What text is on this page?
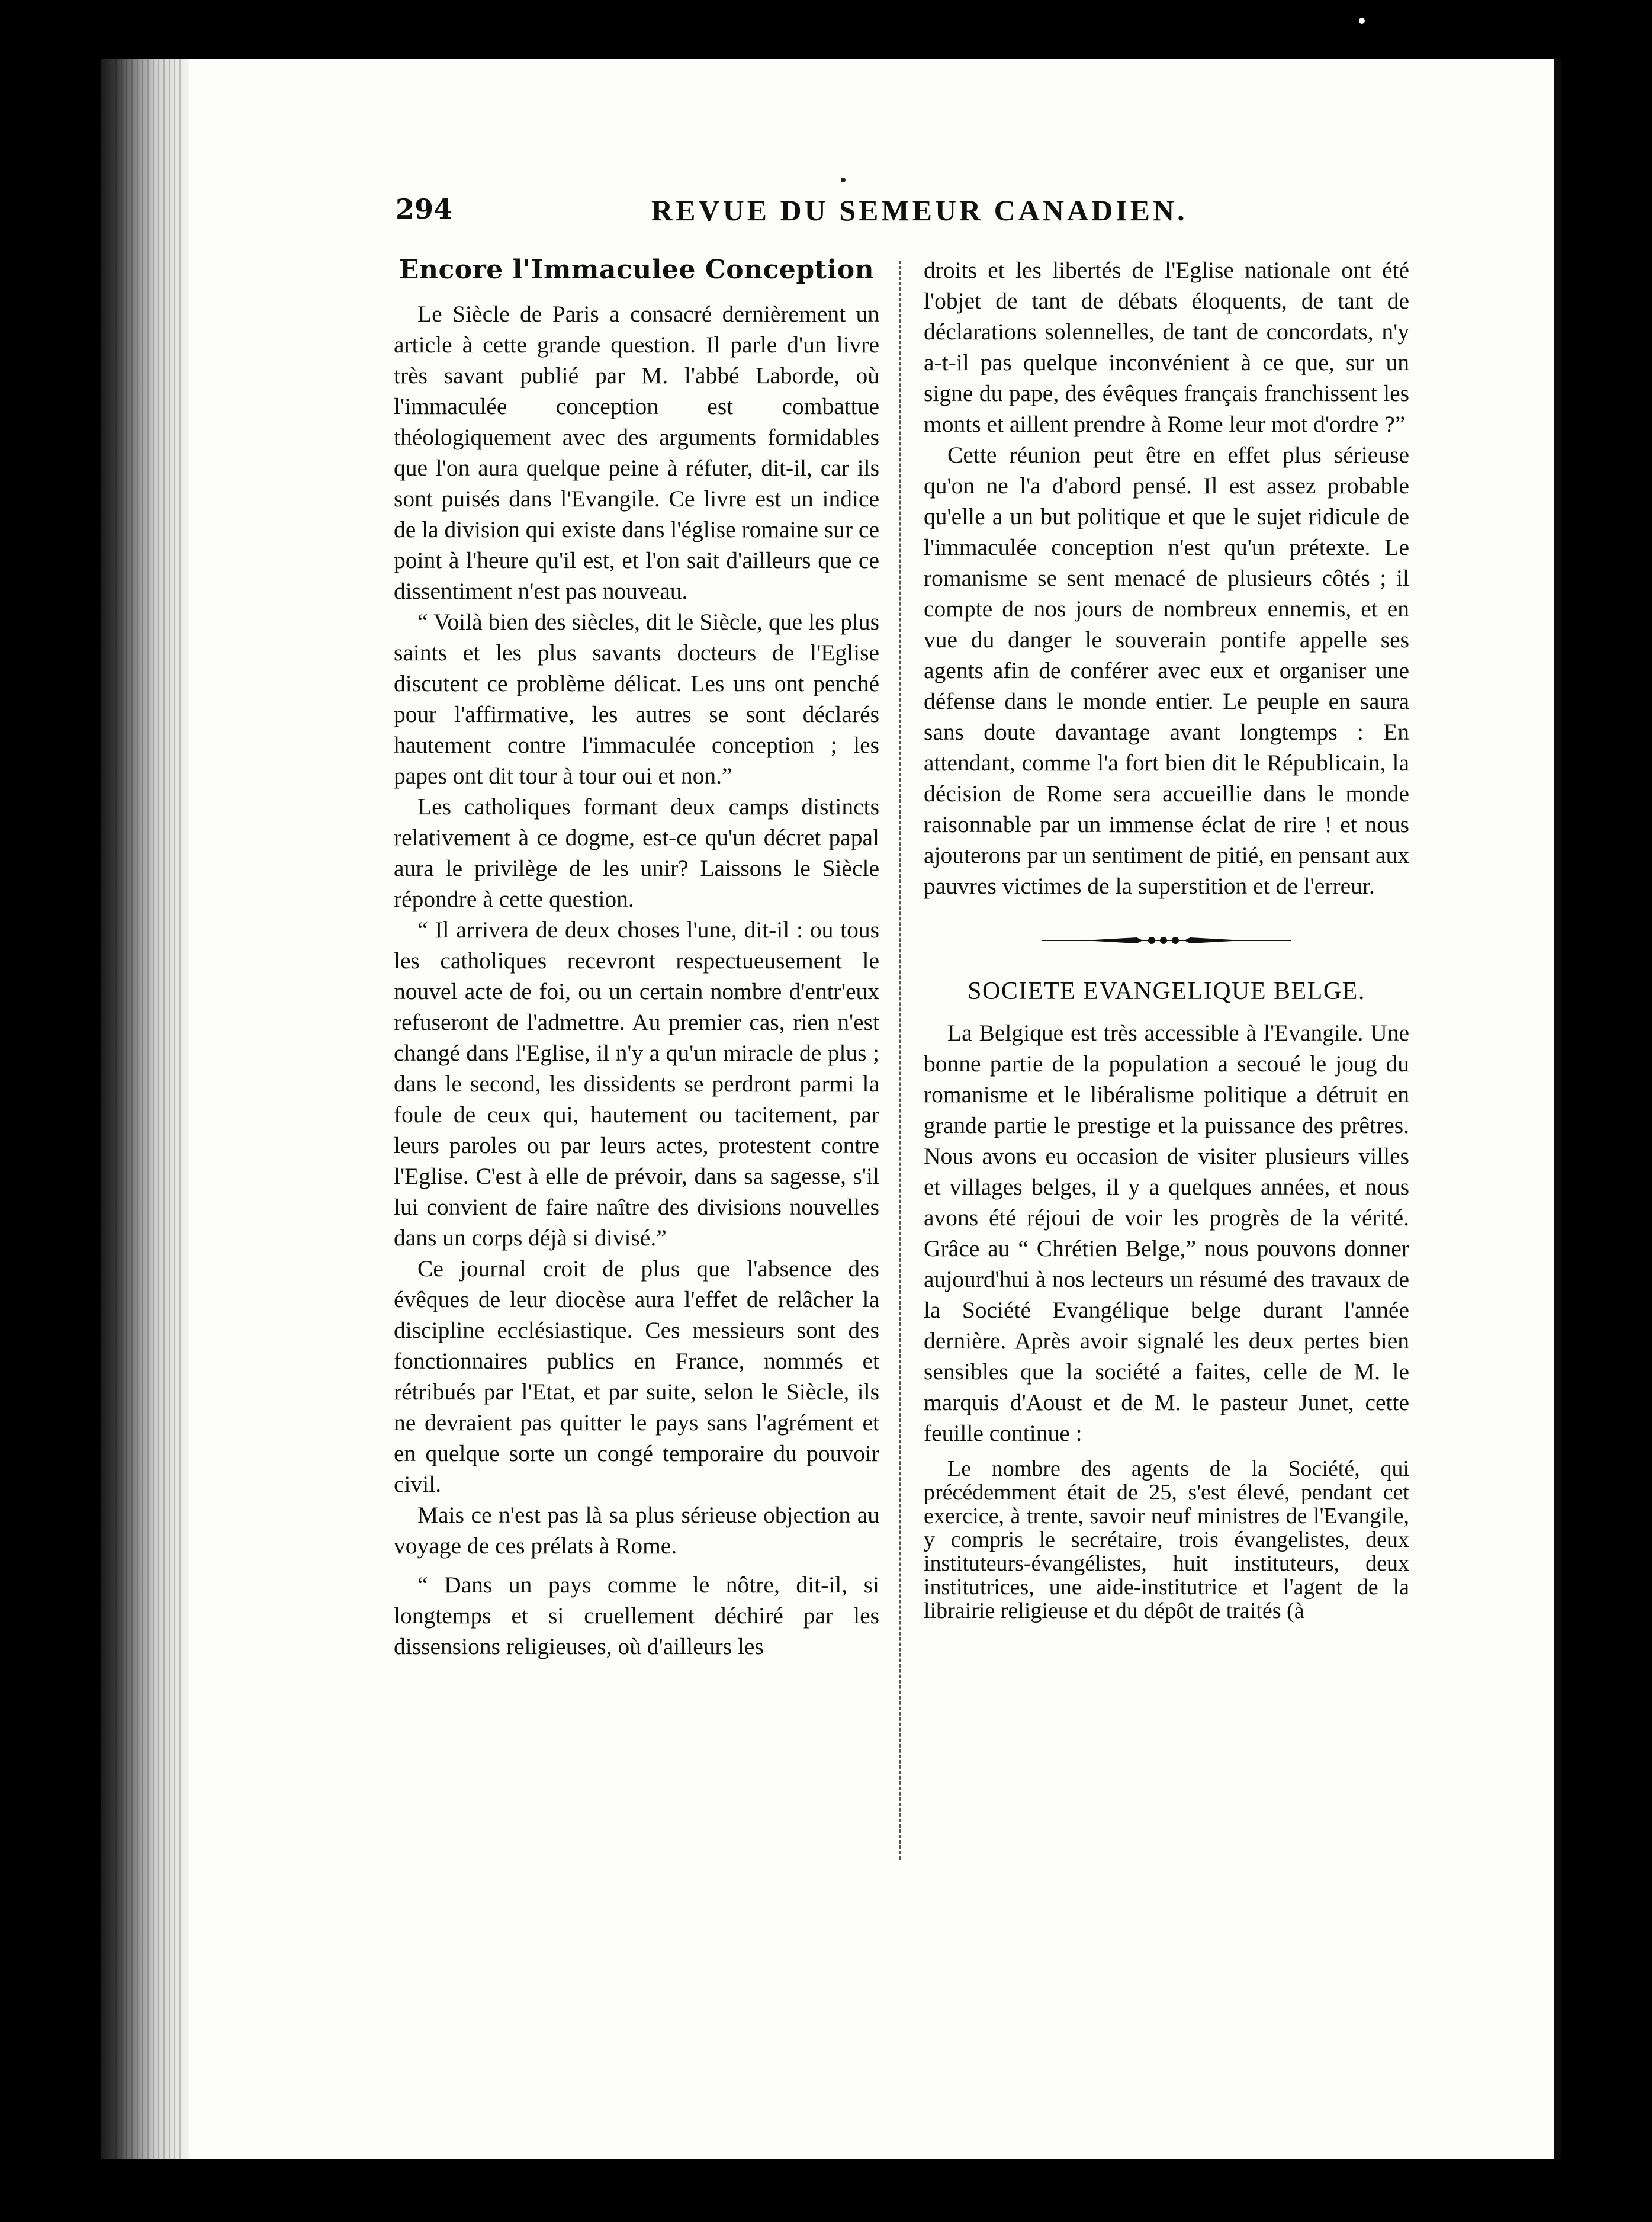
294	REVUE DU SEMEUR CANADIEN.
Encore l'Immaculee Conception

Le Siècle de Paris a consacré dernièrement un article à cette grande question. Il parle d'un livre très savant publié par M. l'abbé Laborde, où l'immaculée conception est combattue théologiquement avec des arguments formidables que l'on aura quelque peine à réfuter, dit-il, car ils sont puisés dans l'Evangile. Ce livre est un indice de la division qui existe dans l'église romaine sur ce point à l'heure qu'il est, et l'on sait d'ailleurs que ce dissentiment n'est pas nouveau.

“ Voilà bien des siècles, dit le Siècle, que les plus saints et les plus savants docteurs de l'Eglise discutent ce problème délicat. Les uns ont penché pour l'affirmative, les autres se sont déclarés hautement contre l'immaculée conception ; les papes ont dit tour à tour oui et non.”

Les catholiques formant deux camps distincts relativement à ce dogme, est-ce qu'un décret papal aura le privilège de les unir? Laissons le Siècle répondre à cette question.

“ Il arrivera de deux choses l'une, dit-il : ou tous les catholiques recevront respectueusement le nouvel acte de foi, ou un certain nombre d'entr'eux refuseront de l'admettre. Au premier cas, rien n'est changé dans l'Eglise, il n'y a qu'un miracle de plus ; dans le second, les dissidents se perdront parmi la foule de ceux qui, hautement ou tacitement, par leurs paroles ou par leurs actes, protestent contre l'Eglise. C'est à elle de prévoir, dans sa sagesse, s'il lui convient de faire naître des divisions nouvelles dans un corps déjà si divisé.”

Ce journal croit de plus que l'absence des évêques de leur diocèse aura l'effet de relâcher la discipline ecclésiastique. Ces messieurs sont des fonctionnaires publics en France, nommés et rétribués par l'Etat, et par suite, selon le Siècle, ils ne devraient pas quitter le pays sans l'agrément et en quelque sorte un congé temporaire du pouvoir civil.

Mais ce n'est pas là sa plus sérieuse objection au voyage de ces prélats à Rome.

“ Dans un pays comme le nôtre, dit-il, si longtemps et si cruellement déchiré par les dissensions religieuses, où d'ailleurs les

droits et les libertés de l'Eglise nationale ont été l'objet de tant de débats éloquents, de tant de déclarations solennelles, de tant de concordats, n'y a-t-il pas quelque inconvénient à ce que, sur un signe du pape, des évêques français franchissent les monts et aillent prendre à Rome leur mot d'ordre ?”

Cette réunion peut être en effet plus sérieuse qu'on ne l'a d'abord pensé. Il est assez probable qu'elle a un but politique et que le sujet ridicule de l'immaculée conception n'est qu'un prétexte. Le romanisme se sent menacé de plusieurs côtés ; il compte de nos jours de nombreux ennemis, et en vue du danger le souverain pontife appelle ses agents afin de conférer avec eux et organiser une défense dans le monde entier. Le peuple en saura sans doute davantage avant longtemps : En attendant, comme l'a fort bien dit le Républicain, la décision de Rome sera accueillie dans le monde raisonnable par un immense éclat de rire ! et nous ajouterons par un sentiment de pitié, en pensant aux pauvres victimes de la superstition et de l'erreur.

SOCIETE EVANGELIQUE BELGE.

La Belgique est très accessible à l'Evangile. Une bonne partie de la population a secoué le joug du romanisme et le libéralisme politique a détruit en grande partie le prestige et la puissance des prêtres. Nous avons eu occasion de visiter plusieurs villes et villages belges, il y a quelques années, et nous avons été réjoui de voir les progrès de la vérité. Grâce au “ Chrétien Belge,” nous pouvons donner aujourd'hui à nos lecteurs un résumé des travaux de la Société Evangélique belge durant l'année dernière. Après avoir signalé les deux pertes bien sensibles que la société a faites, celle de M. le marquis d'Aoust et de M. le pasteur Junet, cette feuille continue :

Le nombre des agents de la Société, qui précédemment était de 25, s'est élevé, pendant cet exercice, à trente, savoir neuf ministres de l'Evangile, y compris le secrétaire, trois évangelistes, deux instituteurs-évangélistes, huit instituteurs, deux institutrices, une aide-institutrice et l'agent de la librairie religieuse et du dépôt de traités (à
